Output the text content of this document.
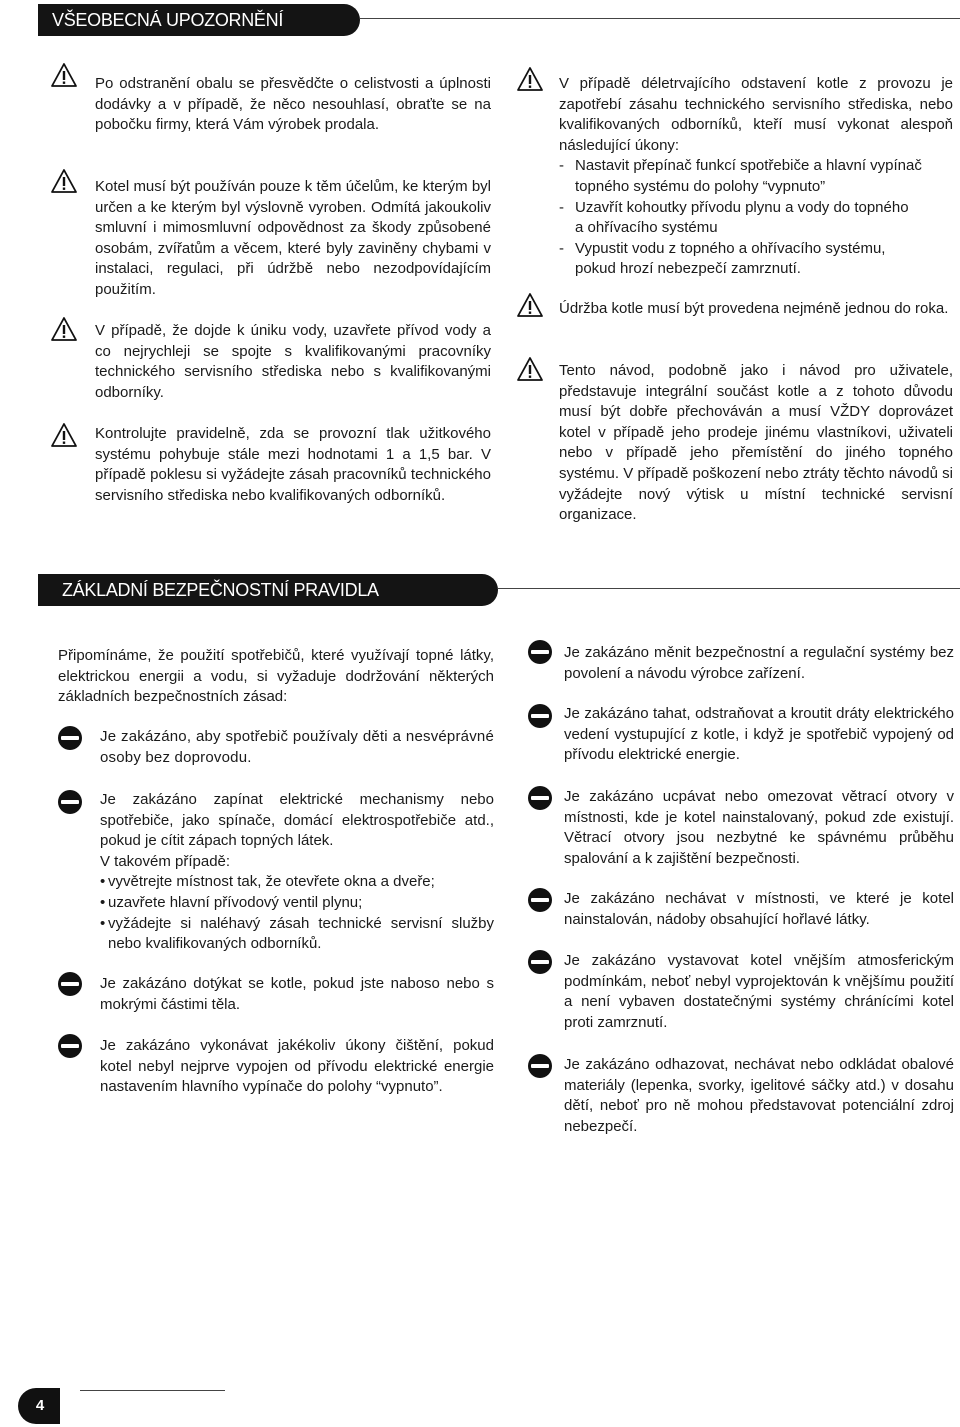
VŠEOBECNÁ UPOZORNĚNÍ

Po odstranění obalu se přesvědčte o celistvosti a úplnosti dodávky a v případě, že něco nesouhlasí, obraťte se na pobočku firmy, která Vám výrobek prodala.

Kotel musí být používán pouze k těm účelům, ke kterým byl určen a ke kterým byl výslovně vyroben. Odmítá jakoukoliv smluvní i mimosmluvní odpovědnost za škody způsobené osobám, zvířatům a věcem, které byly zaviněny chybami v instalaci, regulaci, při údržbě nebo nezodpovídajícím použitím.

V případě, že dojde k úniku vody, uzavřete přívod vody a co nejrychleji se spojte s kvalifikovanými pracovníky technického servisního střediska nebo s kvalifikovanými odborníky.

Kontrolujte pravidelně, zda se provozní tlak užitkového systému pohybuje stále mezi hodnotami 1 a 1,5 bar. V případě poklesu si vyžádejte zásah pracovníků technického servisního střediska nebo kvalifikovaných odborníků.

V případě déletrvajícího odstavení kotle z provozu je zapotřebí zásahu technického servisního střediska, nebo kvalifikovaných odborníků, kteří musí vykonat alespoň následující úkony:

- Nastavit přepínač funkcí spotřebiče a hlavní vypínač
topného systému do polohy “vypnuto”
- Uzavřít kohoutky přívodu plynu a vody do topného
a ohřívacího systému
- Vypustit vodu z topného a ohřívacího systému,
pokud hrozí nebezpečí zamrznutí.

Údržba kotle musí být provedena nejméně jednou do roka.

Tento návod, podobně jako i návod pro uživatele, představuje integrální součást kotle a z tohoto důvodu musí být dobře přechováván a musí VŽDY doprovázet kotel v případě jeho prodeje jinému vlastníkovi, uživateli nebo v případě jeho přemístění do jiného topného systému. V případě poškození nebo ztráty těchto návodů si vyžádejte nový výtisk u místní technické servisní organizace.

ZÁKLADNÍ BEZPEČNOSTNÍ PRAVIDLA

Připomínáme, že použití spotřebičů, které využívají topné látky, elektrickou energii a vodu, si vyžaduje dodržování některých základních bezpečnostních zásad:

Je zakázáno, aby spotřebič používaly děti a nesvéprávné osoby bez doprovodu.

Je zakázáno zapínat elektrické mechanismy nebo spotřebiče, jako spínače, domácí elektrospotřebiče atd., pokud je cítit zápach topných látek.

V takovém případě:
• vyvětrejte místnost tak, že otevřete okna a dveře;
• uzavřete hlavní přívodový ventil plynu;
• vyžádejte si naléhavý zásah technické servisní služby nebo kvalifikovaných odborníků.

Je zakázáno dotýkat se kotle, pokud jste naboso nebo s mokrými částimi těla.

Je zakázáno vykonávat jakékoliv úkony čištění, pokud kotel nebyl nejprve vypojen od přívodu elektrické energie nastavením hlavního vypínače do polohy “vypnuto”.

Je zakázáno měnit bezpečnostní a regulační systémy bez povolení a návodu výrobce zařízení.

Je zakázáno tahat, odstraňovat a kroutit dráty elektrického vedení vystupující z kotle, i když je spotřebič vypojený od přívodu elektrické energie.

Je zakázáno ucpávat nebo omezovat větrací otvory v místnosti, kde je kotel nainstalovaný, pokud zde existují. Větrací otvory jsou nezbytné ke spávnému průběhu spalování a k zajištění bezpečnosti.

Je zakázáno nechávat v místnosti, ve které je kotel nainstalován, nádoby obsahující hořlavé látky.

Je zakázáno vystavovat kotel vnějším atmosferickým podmínkám, neboť nebyl vyprojektován k vnějšímu použití a není vybaven dostatečnými systémy chránícími kotel proti zamrznutí.

Je zakázáno odhazovat, nechávat nebo odkládat obalové materiály (lepenka, svorky, igelitové sáčky atd.) v dosahu dětí, neboť pro ně mohou představovat potenciální zdroj nebezpečí.

4
